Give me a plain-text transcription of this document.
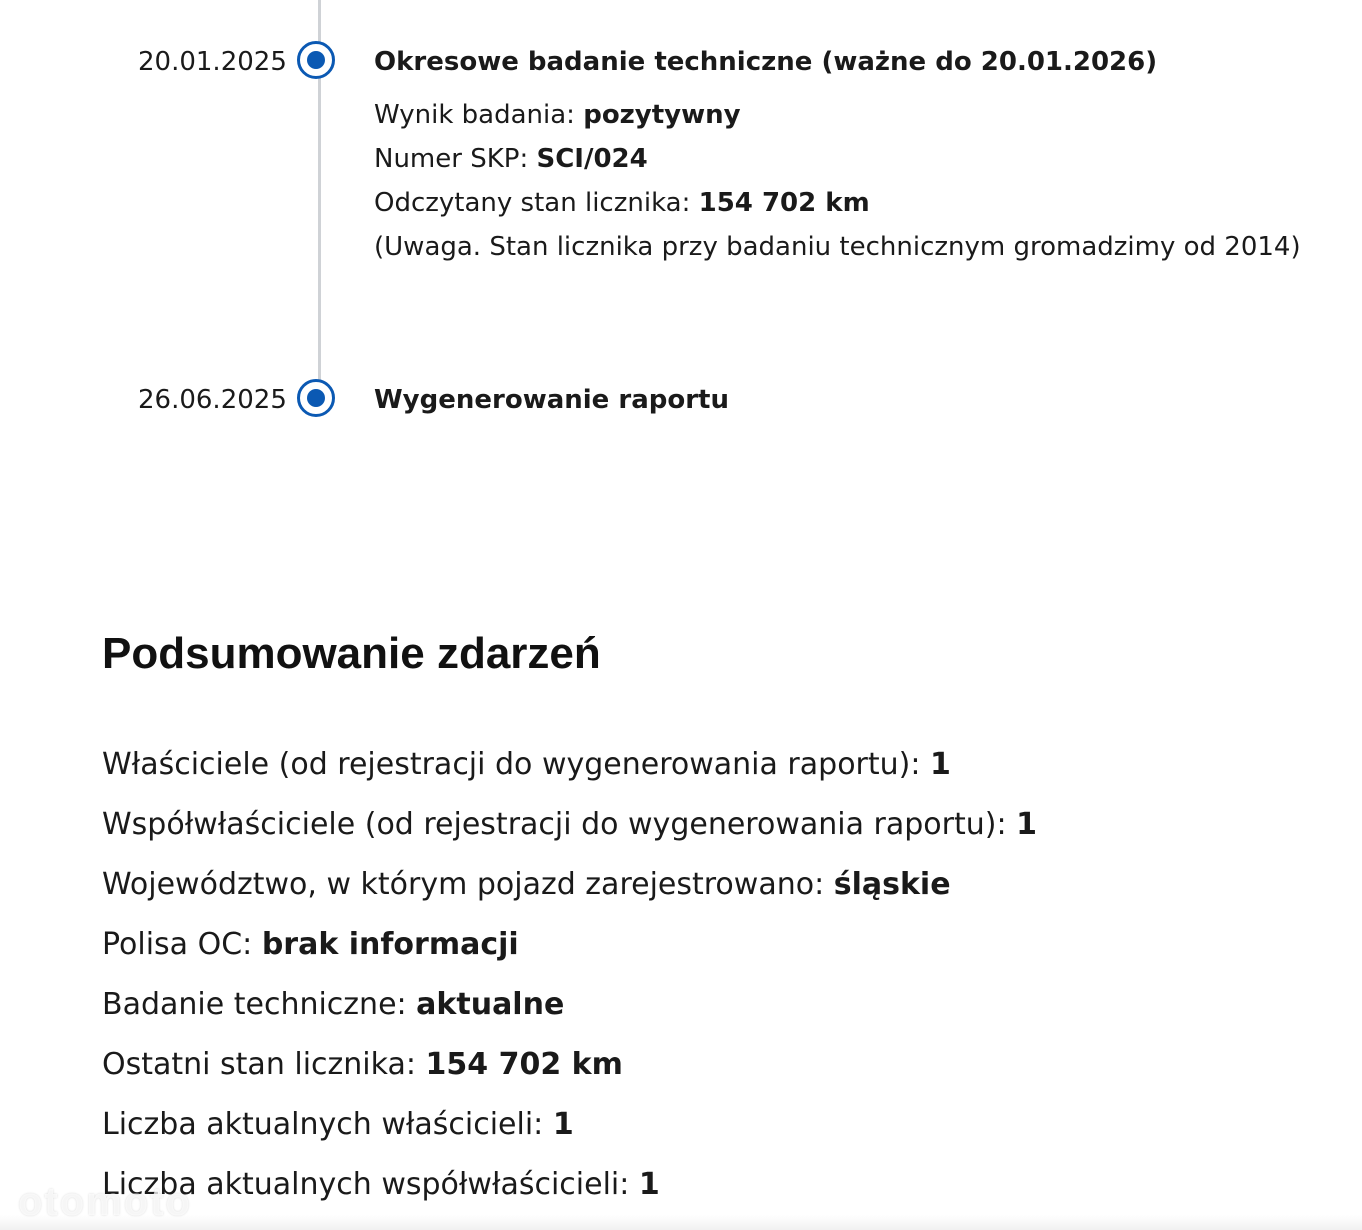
20.01.2025	Okresowe badanie techniczne (ważne do 20.01.2026)
Wynik badania: pozytywny
Numer SKP: SCI/024
Odczytany stan licznika: 154 702 km
(Uwaga. Stan licznika przy badaniu technicznym gromadzimy od 2014)
26.06.2025	Wygenerowanie raportu
Podsumowanie zdarzeń
Właściciele (od rejestracji do wygenerowania raportu): 1
Współwłaściciele (od rejestracji do wygenerowania raportu): 1
Województwo, w którym pojazd zarejestrowano: śląskie
Polisa OC: brak informacji
Badanie techniczne: aktualne
Ostatni stan licznika: 154 702 km
Liczba aktualnych właścicieli: 1
Liczba aktualnych współwłaścicieli: 1
otomoto
